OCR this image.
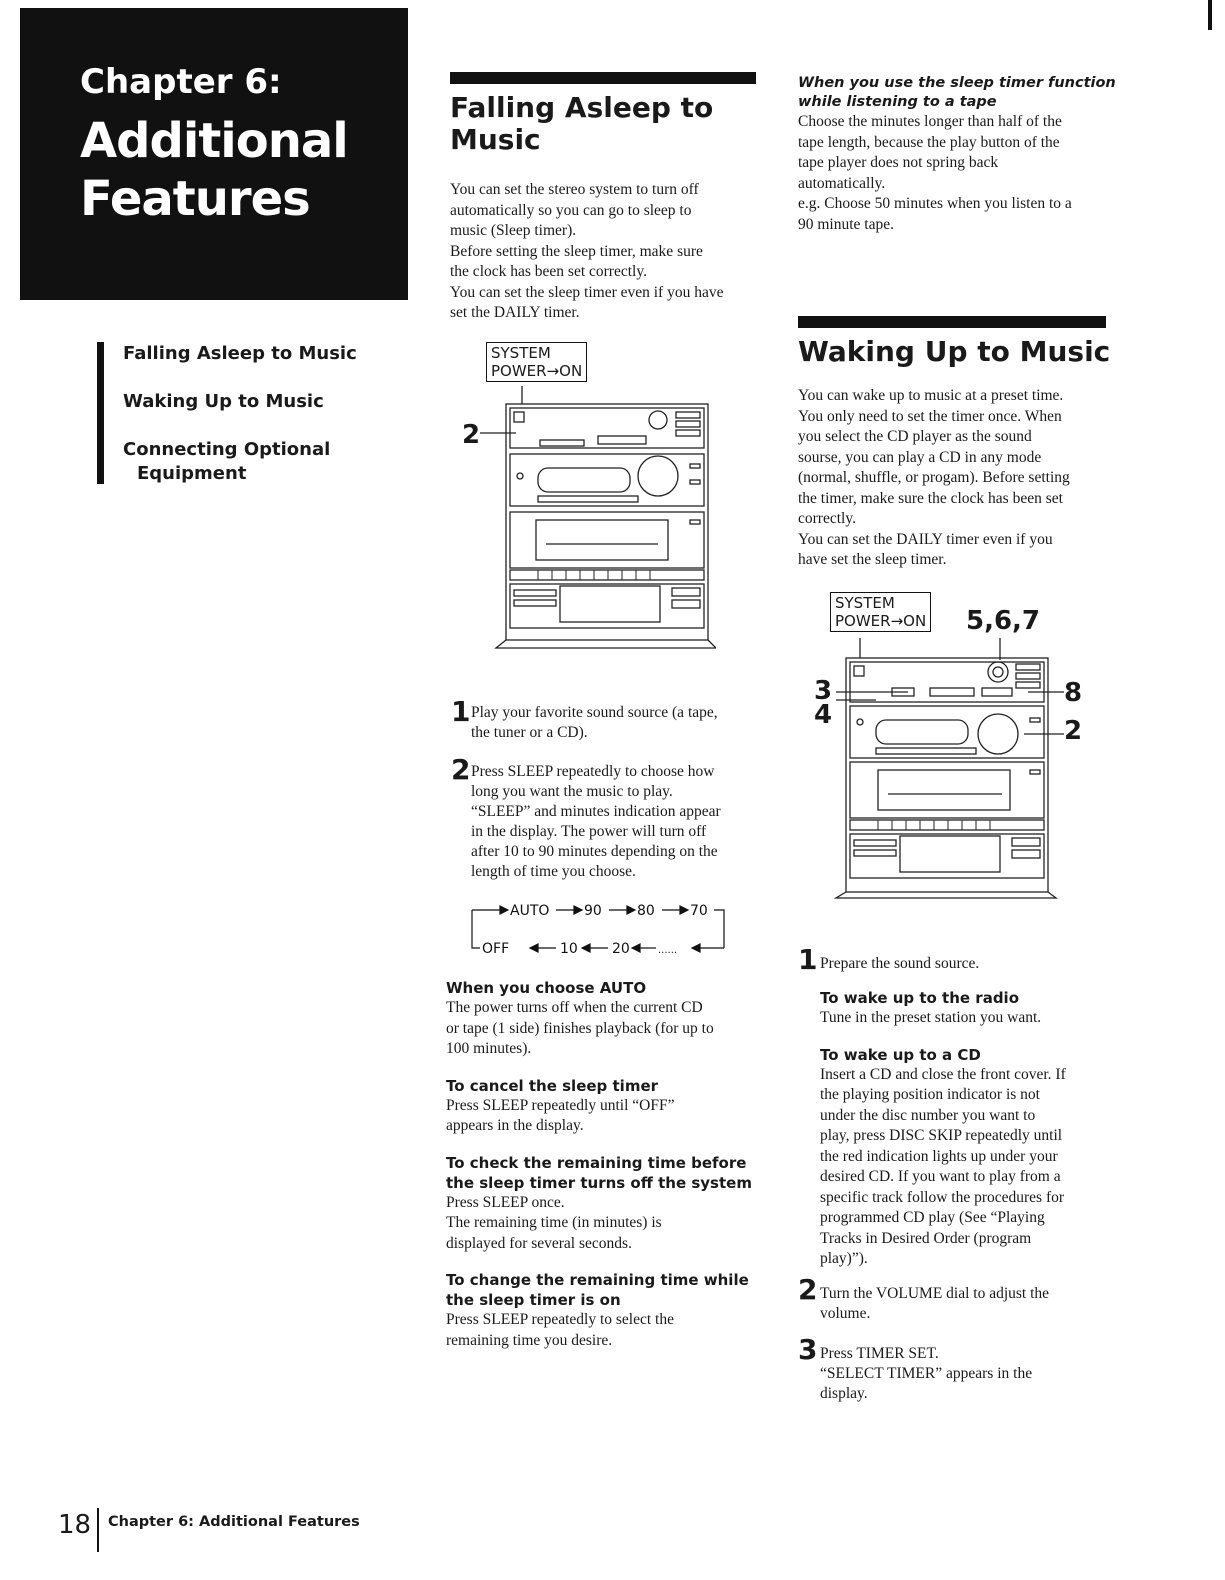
Chapter 6:
Additional
Features
Falling Asleep to Music
Waking Up to Music
Connecting Optional
Equipment
Falling Asleep to
Music

You can set the stereo system to turn off

automatically so you can go to sleep to

music (Sleep timer).

Before setting the sleep timer, make sure

the clock has been set correctly.

You can set the sleep timer even if you have

set the DAILY timer.

SYSTEM
POWER→ON
2
1 Play your favorite sound source (a tape,
the tuner or a CD).
2 Press SLEEP repeatedly to choose how
long you want the music to play.
“SLEEP” and minutes indication appear
in the display. The power will turn off
after 10 to 90 minutes depending on the
length of time you choose.
AUTO 90	80	70
OFF	10 20	......
When you choose AUTO

The power turns off when the current CD

or tape (1 side) finishes playback (for up to

100 minutes).

To cancel the sleep timer

Press SLEEP repeatedly until “OFF”

appears in the display.

To check the remaining time before
the sleep timer turns off the system

Press SLEEP once.

The remaining time (in minutes) is

displayed for several seconds.

To change the remaining time while
the sleep timer is on

Press SLEEP repeatedly to select the

remaining time you desire.

When you use the sleep timer function
while listening to a tape

Choose the minutes longer than half of the

tape length, because the play button of the

tape player does not spring back

automatically.

e.g. Choose 50 minutes when you listen to a

90 minute tape.

Waking Up to Music

You can wake up to music at a preset time.

You only need to set the timer once. When

you select the CD player as the sound

sourse, you can play a CD in any mode

(normal, shuffle, or progam). Before setting

the timer, make sure the clock has been set

correctly.

You can set the DAILY timer even if you

have set the sleep timer.

SYSTEM
POWER→ON 5,6,7
3
4
8
2
1 Prepare the sound source.
To wake up to the radio

Tune in the preset station you want.

To wake up to a CD

Insert a CD and close the front cover. If

the playing position indicator is not

under the disc number you want to

play, press DISC SKIP repeatedly until

the red indication lights up under your

desired CD. If you want to play from a

specific track follow the procedures for

programmed CD play (See “Playing

Tracks in Desired Order (program

play)”).

2 Turn the VOLUME dial to adjust the
volume.
3 Press TIMER SET.
“SELECT TIMER” appears in the
display.
18 Chapter 6: Additional Features
